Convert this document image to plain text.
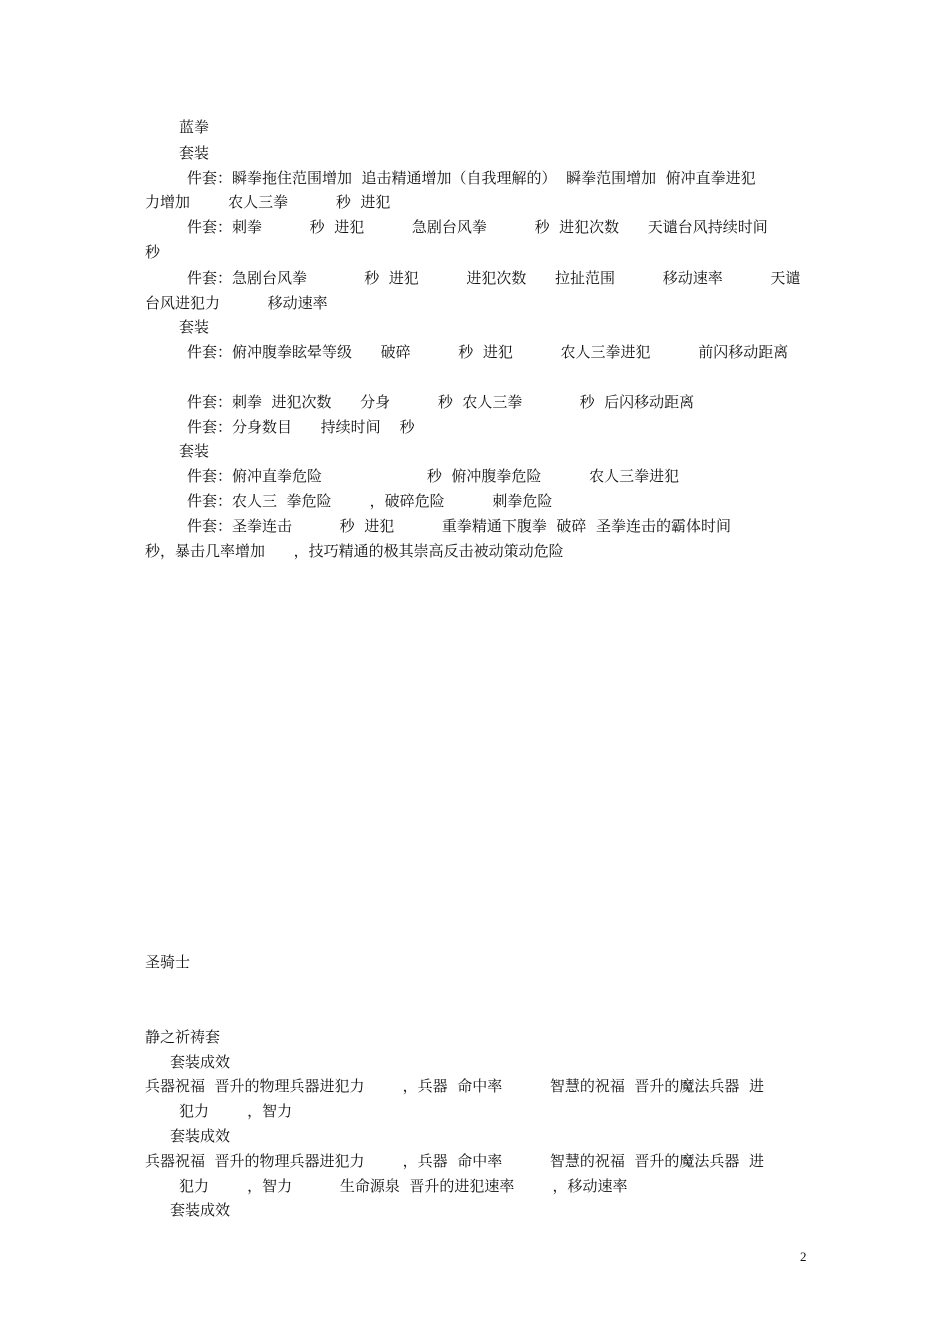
蓝拳

套装

件套：瞬拳拖住范围增加  追击精通增加（自我理解的）  瞬拳范围增加  俯冲直拳进犯

力增加        农人三拳          秒  进犯

件套：刺拳          秒  进犯          急剧台风拳          秒  进犯次数      天谴台风持续时间

秒

件套：急剧台风拳            秒  进犯          进犯次数      拉扯范围          移动速率          天谴

台风进犯力          移动速率

套装

件套：俯冲腹拳眩晕等级      破碎          秒  进犯          农人三拳进犯          前闪移动距离

件套：刺拳  进犯次数      分身          秒  农人三拳            秒  后闪移动距离

件套：分身数目      持续时间    秒

套装

件套：俯冲直拳危险                      秒  俯冲腹拳危险          农人三拳进犯

件套：农人三  拳危险        ，破碎危险          刺拳危险

件套：圣拳连击          秒  进犯          重拳精通下腹拳  破碎  圣拳连击的霸体时间

秒，暴击几率增加      ，技巧精通的极其崇高反击被动策动危险

圣骑士

静之祈祷套

套装成效

兵器祝福  晋升的物理兵器进犯力        ，兵器  命中率          智慧的祝福  晋升的魔法兵器  进

犯力        ，智力

套装成效

兵器祝福  晋升的物理兵器进犯力        ，兵器  命中率          智慧的祝福  晋升的魔法兵器  进

犯力        ，智力          生命源泉  晋升的进犯速率        ，移动速率

套装成效

2
